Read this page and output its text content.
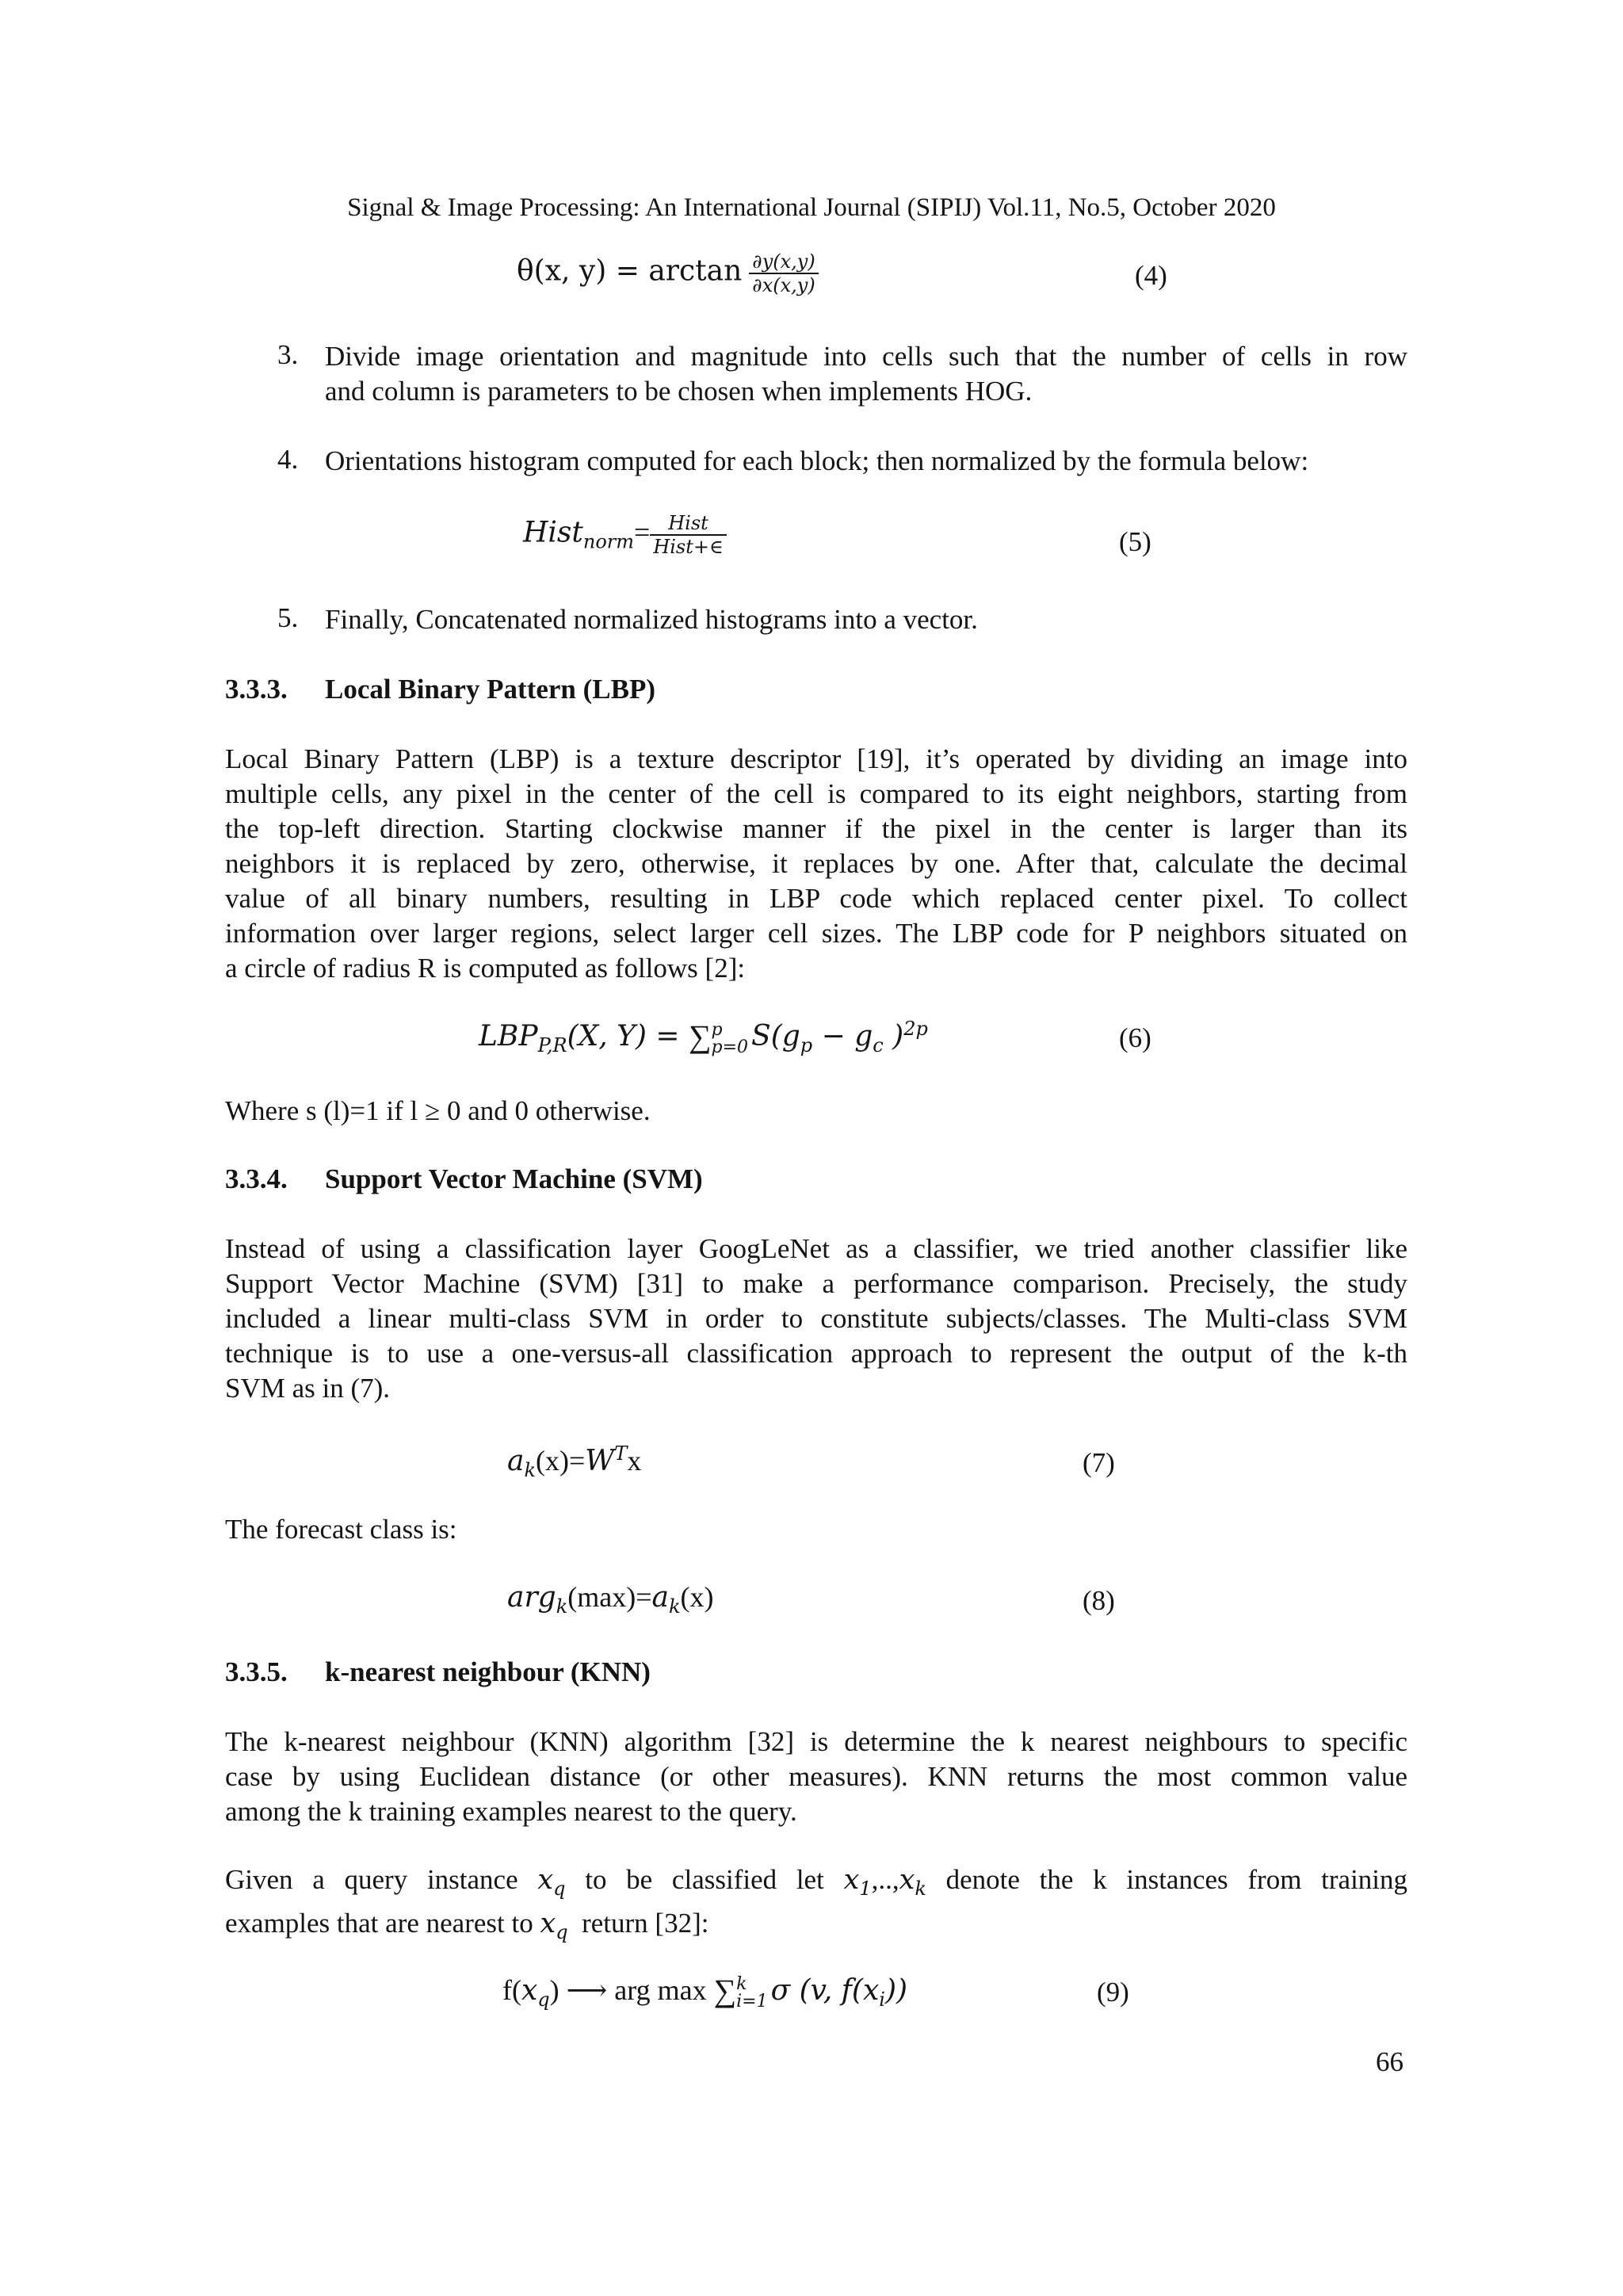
Signal & Image Processing: An International Journal (SIPIJ) Vol.11, No.5, October 2020
θ(x, $y) = \arctan \frac{\partial y(x,y)}{\partial x(x,y)}$	(4)
3. Divide image orientation and magnitude into cells such that the number of cells in row
and column is parameters to be chosen when implements HOG.
4. Orientations histogram computed for each block; then normalized by the formula below:
Hist$_{norm}$= $\frac{\text{Hist}}{\text{Hist+∈}}$	(5)
5. Finally, Concatenated normalized histograms into a vector.
3.3.3. Local Binary Pattern (LBP)
Local Binary Pattern (LBP) is a texture descriptor [19], it’s operated by dividing an image into
multiple cells, any pixel in the center of the cell is compared to its eight neighbors, starting from
the top-left direction. Starting clockwise manner if the pixel in the center is larger than its
neighbors it is replaced by zero, otherwise, it replaces by one. After that, calculate the decimal
value of all binary numbers, resulting in LBP code which replaced center pixel. To collect
information over larger regions, select larger cell sizes. The LBP code for P neighbors situated on
a circle of radius R is computed as follows [2]:
$LBP_{P,R}(X$, Y) = ∑ p
p=0 $S(g_p - g_c$ )$^{2p}$	(6)
Where s (l)=1 if l ≥ 0 and 0 otherwise.
3.3.4. Support Vector Machine (SVM)
Instead of using a classification layer GoogLeNet as a classifier, we tried another classifier like
Support Vector Machine (SVM) [31] to make a performance comparison. Precisely, the study
included a linear multi-class SVM in order to constitute subjects/classes. The Multi-class SVM
technique is to use a one-versus-all classification approach to represent the output of the k-th
SVM as in (7).
$a_k(x)=W^Tx$	(7)
The forecast class is:
$arg_k(\max)=a_k(x)$	(8)
3.3.5. k-nearest neighbour (KNN)
The k-nearest neighbour (KNN) algorithm [32] is determine the k nearest neighbours to specific
case by using Euclidean distance (or other measures). KNN returns the most common value
among the k training examples nearest to the query.
Given a query instance $x_q$ to be classified let $x_1,..,x_k$ denote the k instances from training
examples that are nearest to $x_q$ return [32]:
$f(x_q)$ ⟶ arg max ∑ k
i=1 σ (v, $f(x_i)$)	(9)
66
